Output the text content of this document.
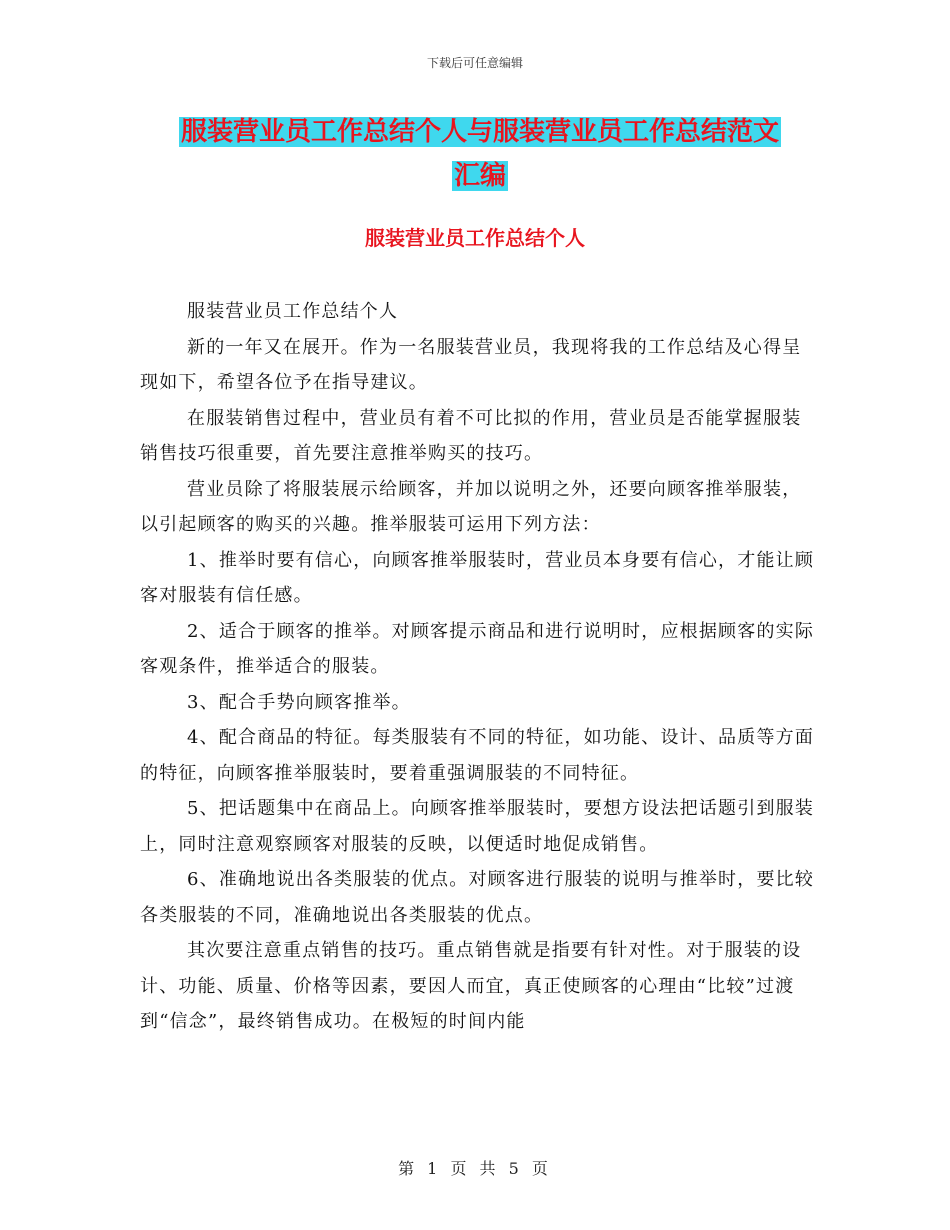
下载后可任意编辑
服装营业员工作总结个人与服装营业员工作总结范文
汇编
服装营业员工作总结个人

服装营业员工作总结个人

新的一年又在展开。作为一名服装营业员，我现将我的工作总结及心得呈现如下，希望各位予在指导建议。

在服装销售过程中，营业员有着不可比拟的作用，营业员是否能掌握服装销售技巧很重要，首先要注意推举购买的技巧。

营业员除了将服装展示给顾客，并加以说明之外，还要向顾客推举服装，以引起顾客的购买的兴趣。推举服装可运用下列方法：

1、推举时要有信心，向顾客推举服装时，营业员本身要有信心，才能让顾客对服装有信任感。

2、适合于顾客的推举。对顾客提示商品和进行说明时，应根据顾客的实际客观条件，推举适合的服装。

3、配合手势向顾客推举。

4、配合商品的特征。每类服装有不同的特征，如功能、设计、品质等方面的特征，向顾客推举服装时，要着重强调服装的不同特征。

5、把话题集中在商品上。向顾客推举服装时，要想方设法把话题引到服装上，同时注意观察顾客对服装的反映，以便适时地促成销售。

6、准确地说出各类服装的优点。对顾客进行服装的说明与推举时，要比较各类服装的不同，准确地说出各类服装的优点。

其次要注意重点销售的技巧。重点销售就是指要有针对性。对于服装的设计、功能、质量、价格等因素，要因人而宜，真正使顾客的心理由“比较”过渡到“信念”，最终销售成功。在极短的时间内能

第 1 页 共 5 页
